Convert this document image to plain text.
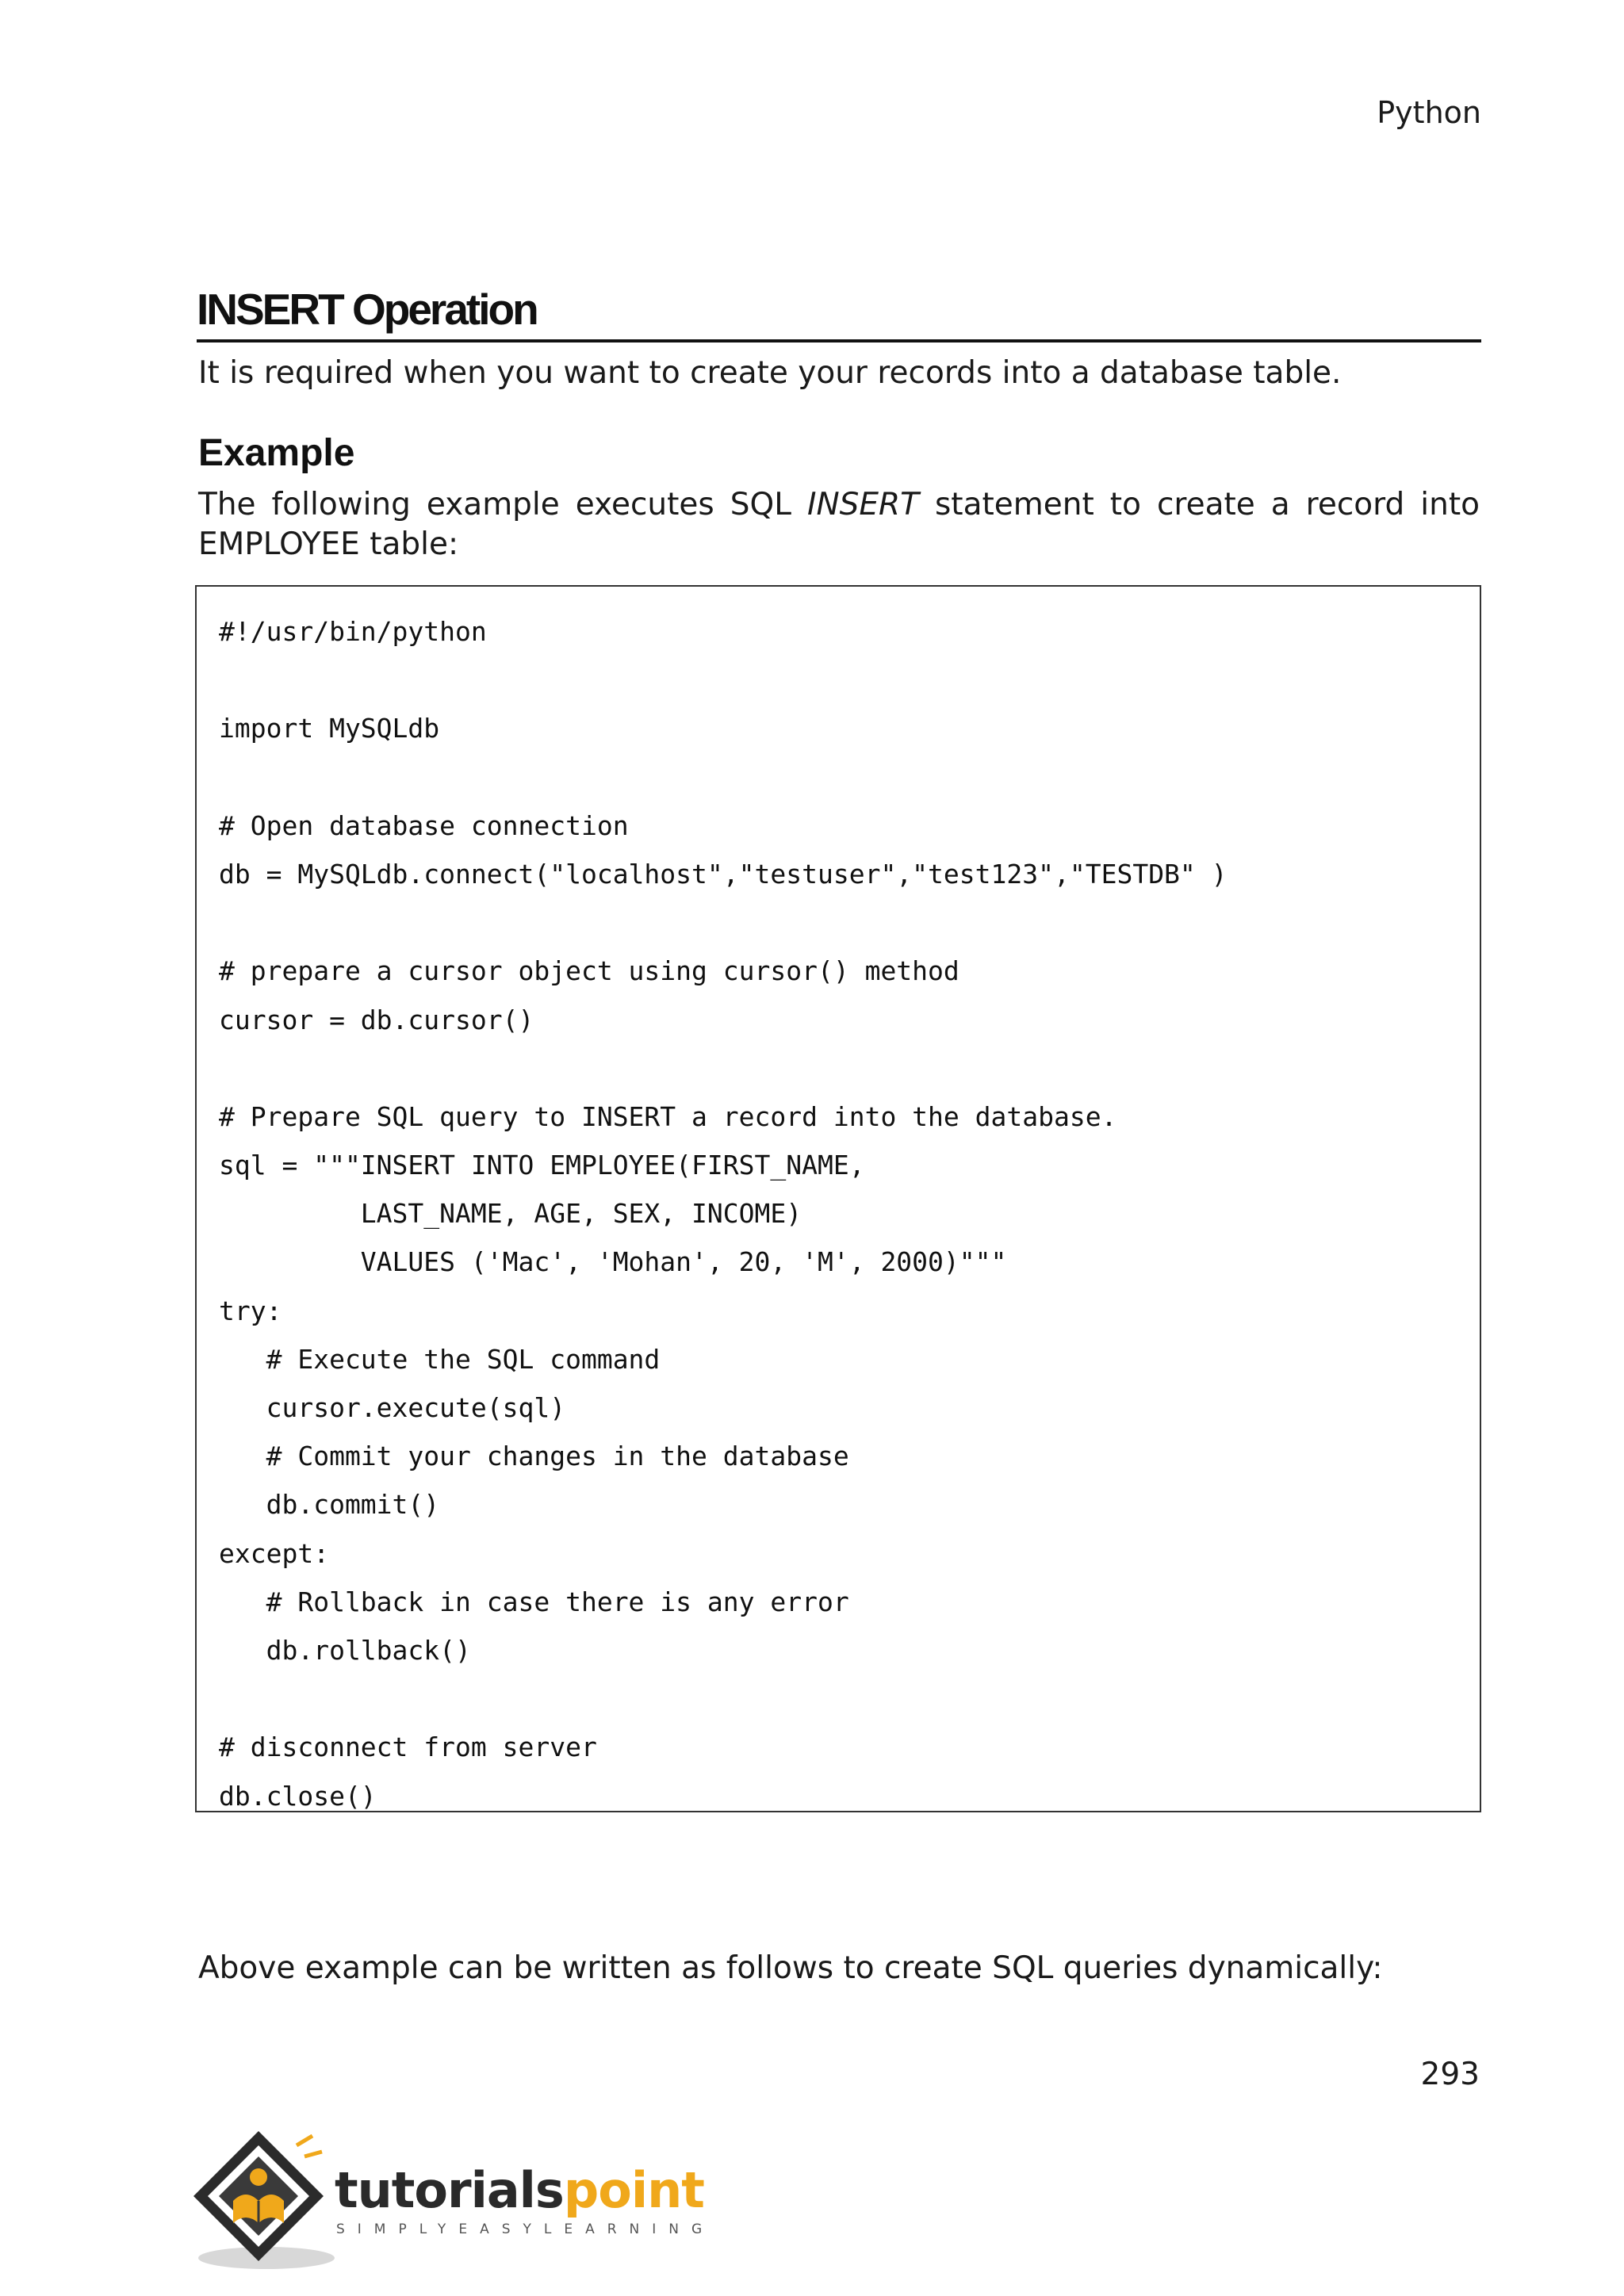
Python
INSERT Operation
It is required when you want to create your records into a database table.
Example
The following example executes SQL INSERT statement to create a record into EMPLOYEE table:
#!/usr/bin/python
import MySQLdb
# Open database connection
db = MySQLdb.connect("localhost","testuser","test123","TESTDB" )
# prepare a cursor object using cursor() method
cursor = db.cursor()
# Prepare SQL query to INSERT a record into the database.
sql = """INSERT INTO EMPLOYEE(FIRST_NAME,
LAST_NAME, AGE, SEX, INCOME)
VALUES ('Mac', 'Mohan', 20, 'M', 2000)"""
try:
# Execute the SQL command
cursor.execute(sql)
# Commit your changes in the database
db.commit()
except:
# Rollback in case there is any error
db.rollback()
# disconnect from server
db.close()
Above example can be written as follows to create SQL queries dynamically:
293
tutorialspoint
SIMPLYEASYLEARNING
